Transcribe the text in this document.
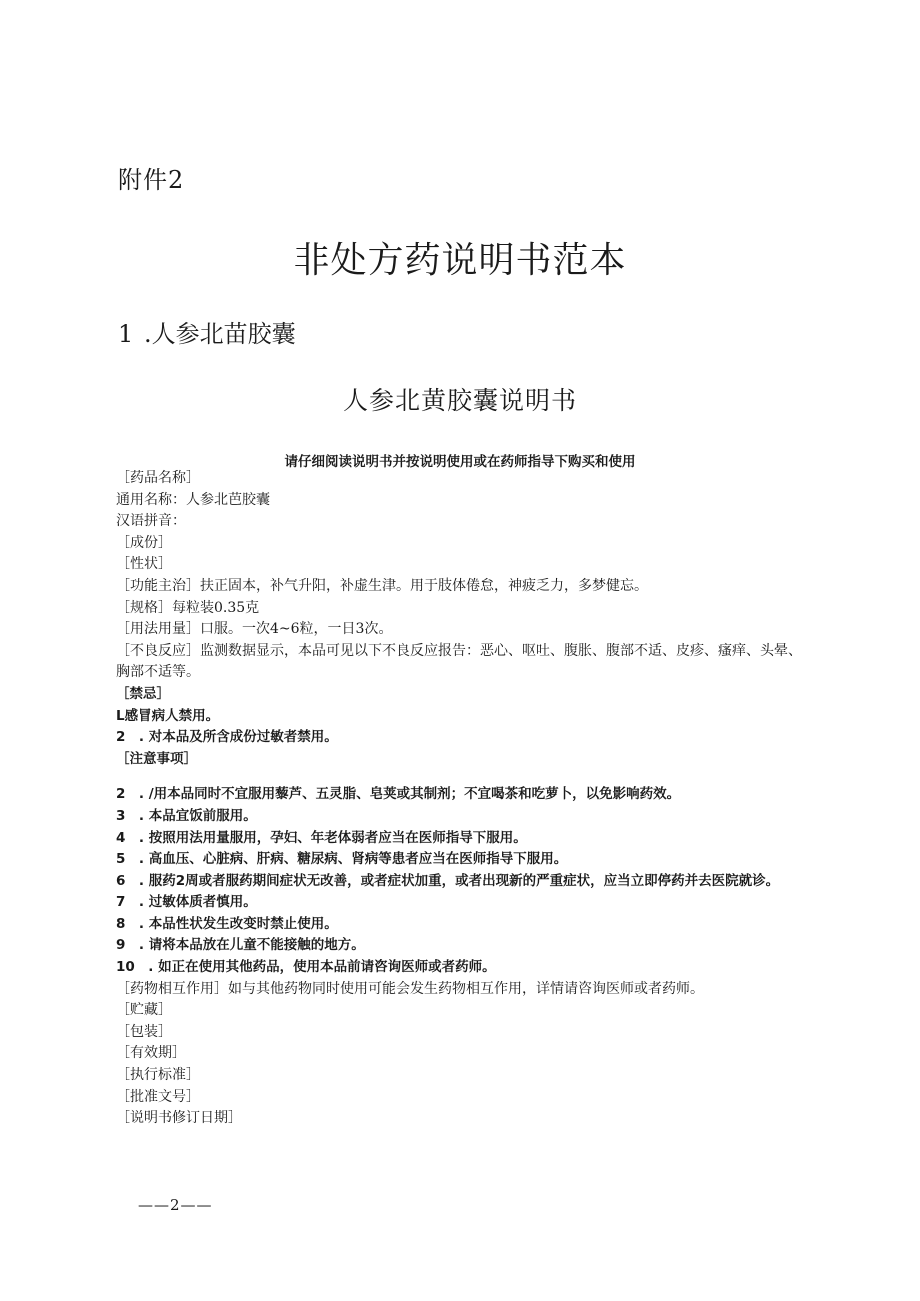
附件2
非处方药说明书范本
1 .人参北苗胶囊
人参北黄胶囊说明书
请仔细阅读说明书并按说明使用或在药师指导下购买和使用
［药品名称］
通用名称：人参北芭胶囊
汉语拼音：
［成份］
［性状］
［功能主治］扶正固本，补气升阳，补虚生津。用于肢体倦怠，神疲乏力，多梦健忘。
［规格］每粒装0.35克
［用法用量］口服。一次4~6粒，一日3次。
［不良反应］监测数据显示，本品可见以下不良反应报告：恶心、呕吐、腹胀、腹部不适、皮疹、瘙痒、头晕、胸部不适等。
［禁忌］
L感冒病人禁用。
2　. 对本品及所含成份过敏者禁用。
［注意事项］
2　. /用本品同时不宜服用藜芦、五灵脂、皂荚或其制剂；不宜喝茶和吃萝卜，以免影响药效。
3　. 本品宜饭前服用。
4　. 按照用法用量服用，孕妇、年老体弱者应当在医师指导下服用。
5　. 高血压、心脏病、肝病、糖尿病、肾病等患者应当在医师指导下服用。
6　. 服药2周或者服药期间症状无改善，或者症状加重，或者出现新的严重症状，应当立即停药并去医院就诊。
7　. 过敏体质者慎用。
8　. 本品性状发生改变时禁止使用。
9　. 请将本品放在儿童不能接触的地方。
10　. 如正在使用其他药品，使用本品前请咨询医师或者药师。
［药物相互作用］如与其他药物同时使用可能会发生药物相互作用，详情请咨询医师或者药师。
［贮藏］
［包装］
［有效期］
［执行标准］
［批准文号］
［说明书修订日期］
——2——
